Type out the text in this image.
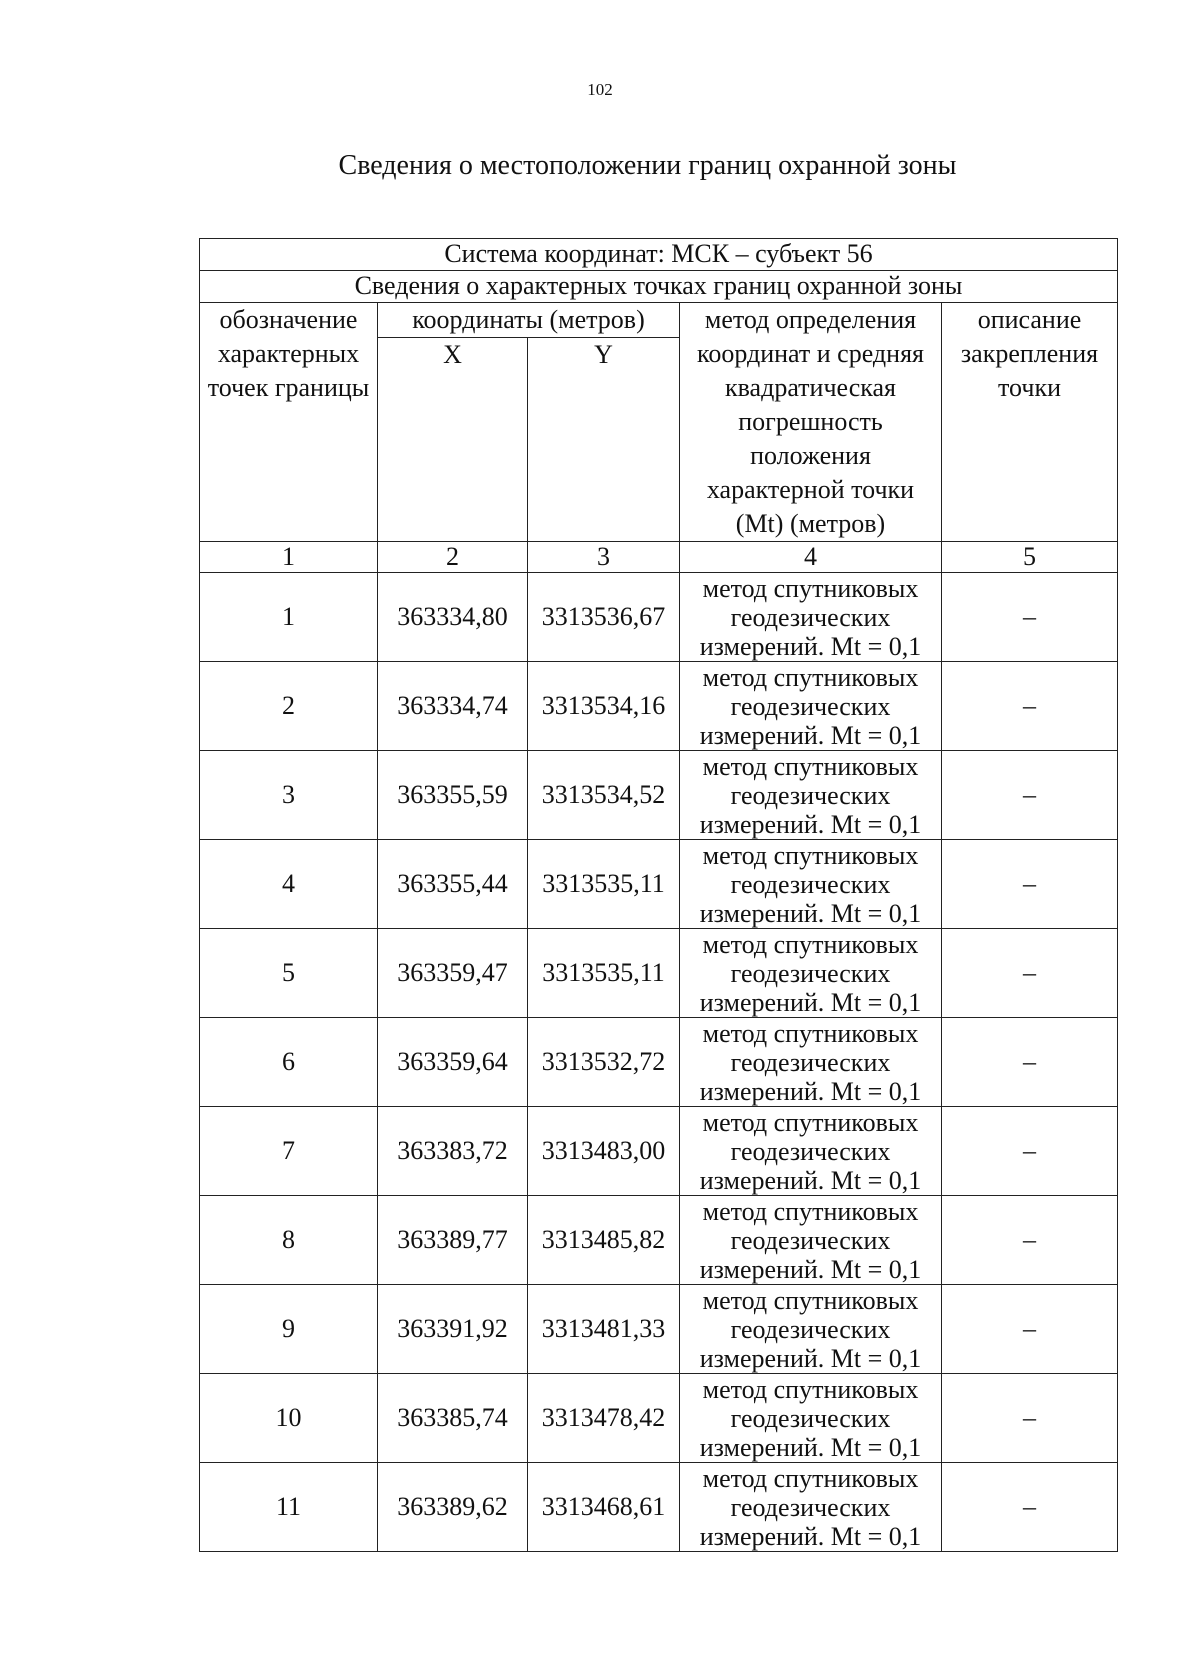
102
Сведения о местоположении границ охранной зоны
Система координат: МСК – субъект 56				
Сведения о характерных точках границ охранной зоны				
обозначение характерных точек границы	координаты (метров)		метод определения координат и средняя квадратическая погрешность положения характерной точки (Mt) (метров)	описание закрепления точки
	X	Y		
1	2	3	4	5
1	363334,80	3313536,67	метод спутниковых геодезических измерений. Mt = 0,1	–
2	363334,74	3313534,16	метод спутниковых геодезических измерений. Mt = 0,1	–
3	363355,59	3313534,52	метод спутниковых геодезических измерений. Mt = 0,1	–
4	363355,44	3313535,11	метод спутниковых геодезических измерений. Mt = 0,1	–
5	363359,47	3313535,11	метод спутниковых геодезических измерений. Mt = 0,1	–
6	363359,64	3313532,72	метод спутниковых геодезических измерений. Mt = 0,1	–
7	363383,72	3313483,00	метод спутниковых геодезических измерений. Mt = 0,1	–
8	363389,77	3313485,82	метод спутниковых геодезических измерений. Mt = 0,1	–
9	363391,92	3313481,33	метод спутниковых геодезических измерений. Mt = 0,1	–
10	363385,74	3313478,42	метод спутниковых геодезических измерений. Mt = 0,1	–
11	363389,62	3313468,61	метод спутниковых геодезических измерений. Mt = 0,1	–
